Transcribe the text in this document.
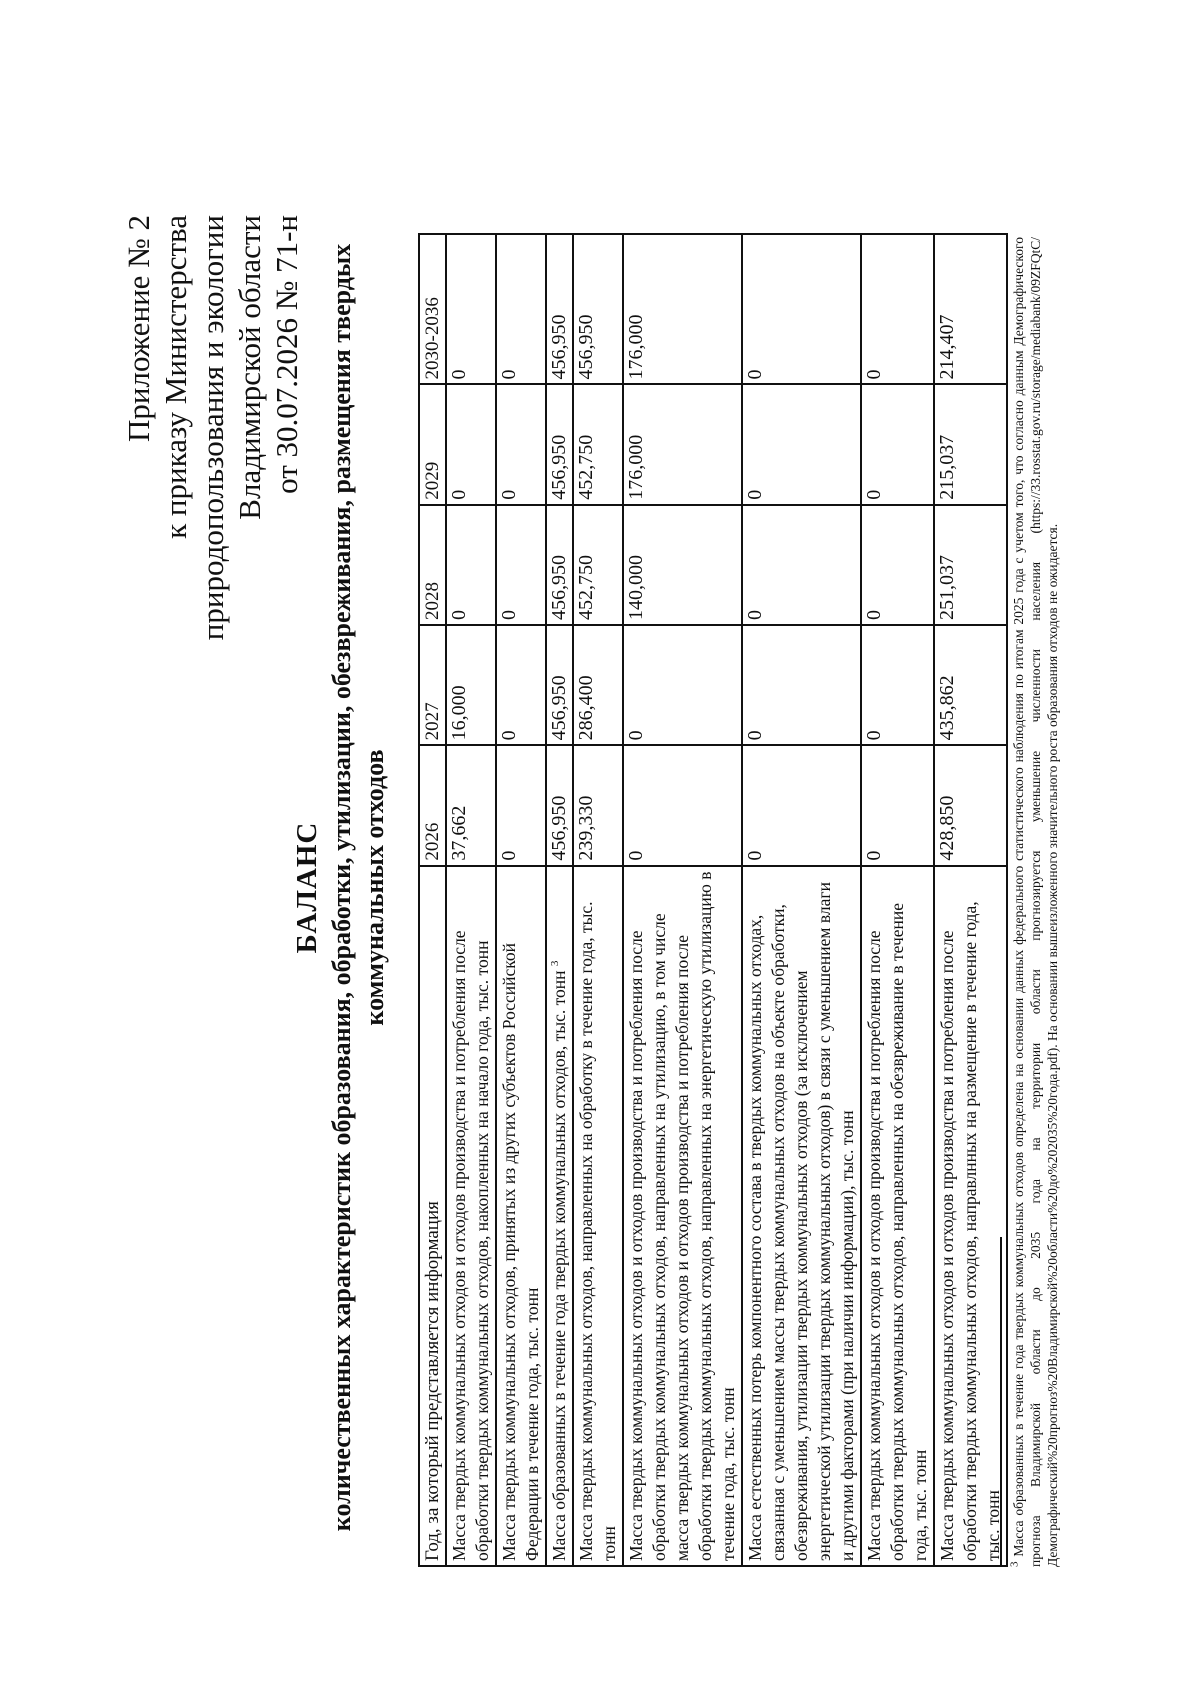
Приложение № 2 к приказу Министерства природопользования и экологии Владимирской области от 30.07.2026 № 71-н
БАЛАНС количественных характеристик образования, обработки, утилизации, обезвреживания, размещения твердых коммунальных отходов
Год, за который представляется информация	2026	2027	2028	2029	2030-2036
Масса твердых коммунальных отходов и отходов производства и потребления после обработки твердых коммунальных отходов, накопленных на начало года, тыс. тонн	37,662	16,000	0	0	0
Масса твердых коммунальных отходов, принятых из других субъектов Российской Федерации в течение года, тыс. тонн	0	0	0	0	0
Масса образованных в течение года твердых коммунальных отходов, тыс. тонн $^3$	456,950	456,950	456,950	456,950	456,950
Масса твердых коммунальных отходов, направленных на обработку в течение года, тыс. тонн	239,330	286,400	452,750	452,750	456,950
Масса твердых коммунальных отходов и отходов производства и потребления после обработки твердых коммунальных отходов, направленных на утилизацию, в том числе масса твердых коммунальных отходов и отходов производства и потребления после обработки твердых коммунальных отходов, направленных на энергетическую утилизацию в течение года, тыс. тонн	0	0	140,000	176,000	176,000
Масса естественных потерь компонентного состава в твердых коммунальных отходах, связанная с уменьшением массы твердых коммунальных отходов на объекте обработки, обезвреживания, утилизации твердых коммунальных отходов (за исключением энергетической утилизации твердых коммунальных отходов) в связи с уменьшением влаги и другими факторами (при наличии информации), тыс. тонн	0	0	0	0	0
Масса твердых коммунальных отходов и отходов производства и потребления после обработки твердых коммунальных отходов, направленных на обезвреживание в течение года, тыс. тонн	0	0	0	0	0
Масса твердых коммунальных отходов и отходов производства и потребления после обработки твердых коммунальных отходов, направлнных на размещение в течение года, тыс. тонн	428,850	435,862	251,037	215,037	214,407
$^3$ Масса образованных в течение года твердых коммунальных отходов определена на основании данных федерального статистического наблюдения по итогам 2025 года с учетом того, что согласно данным Демографического прогноза Владимирской области до 2035 года на территории области прогнозируется уменьшение численности населения (https://33.rosstat.gov.ru/storage/mediabank/09ZFQtC/Демографический%20прогноз%20Владимирской%20области%20до%202035%20года.pdf). На основании вышеизложенного значительного роста образования отходов не ожидается.
